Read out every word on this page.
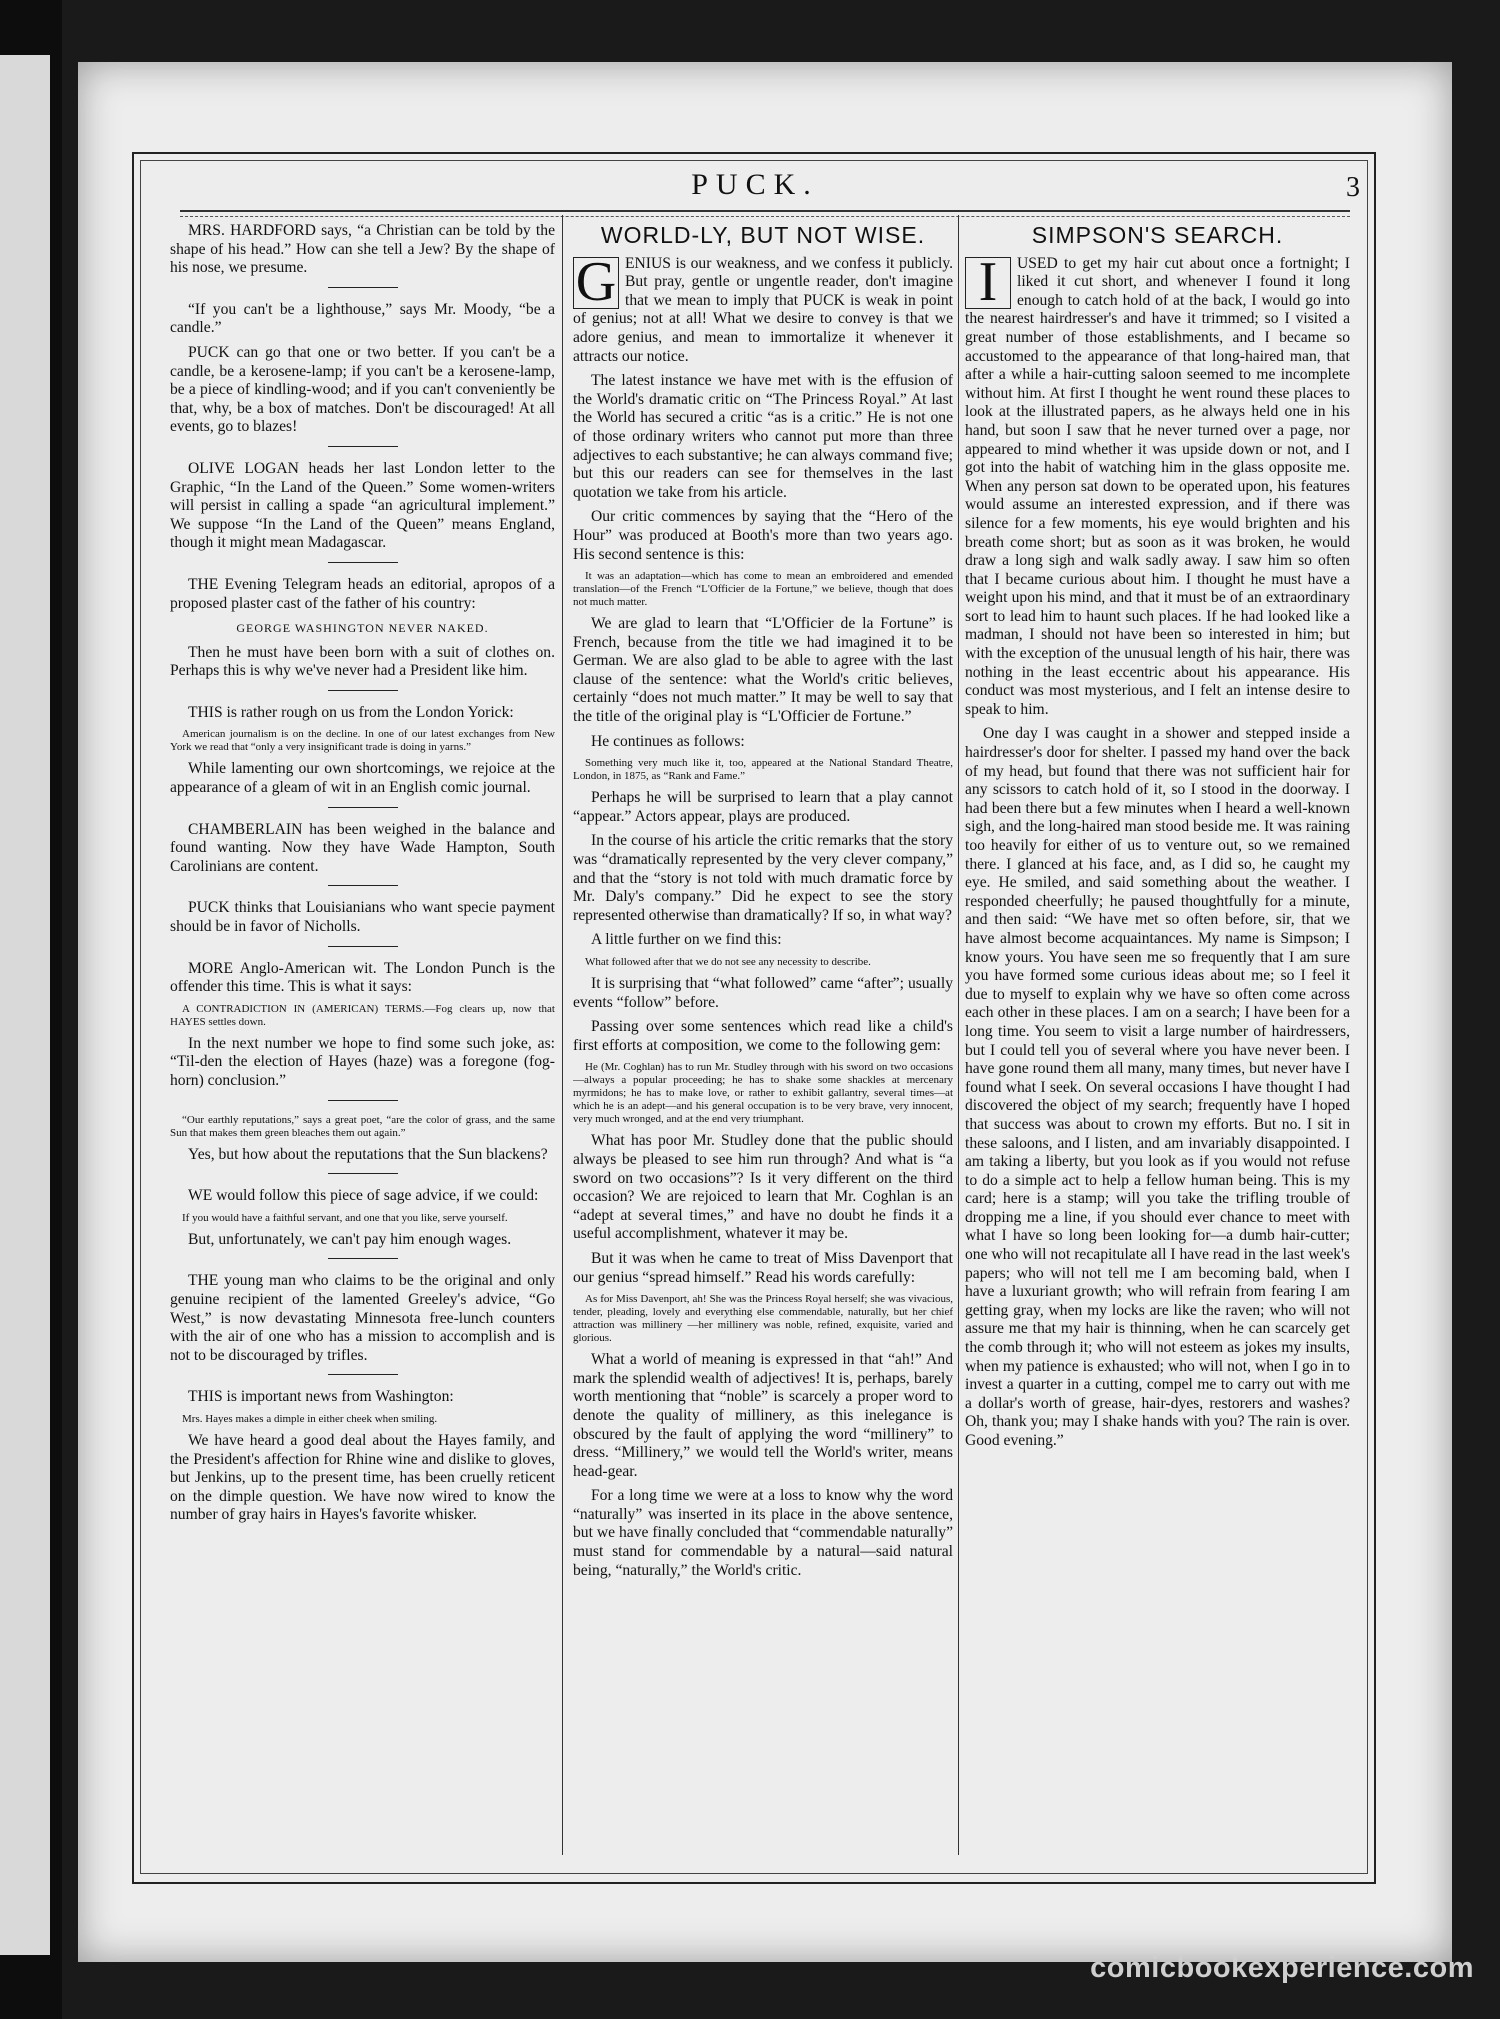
PUCK.	3

MRS. HARDFORD says, “a Christian can be told by the shape of his head.” How can she tell a Jew? By the shape of his nose, we presume.

“If you can't be a lighthouse,” says Mr. Moody, “be a candle.”

PUCK can go that one or two better. If you can't be a candle, be a kerosene-lamp; if you can't be a kerosene-lamp, be a piece of kindling-wood; and if you can't conveniently be that, why, be a box of matches. Don't be discouraged! At all events, go to blazes!

OLIVE LOGAN heads her last London letter to the Graphic, “In the Land of the Queen.” Some women-writers will persist in calling a spade “an agricultural implement.” We suppose “In the Land of the Queen” means England, though it might mean Madagascar.

THE Evening Telegram heads an editorial, apropos of a proposed plaster cast of the father of his country:

GEORGE WASHINGTON NEVER NAKED.

Then he must have been born with a suit of clothes on. Perhaps this is why we've never had a President like him.

THIS is rather rough on us from the London Yorick:

American journalism is on the decline. In one of our latest exchanges from New York we read that “only a very insignificant trade is doing in yarns.”

While lamenting our own shortcomings, we rejoice at the appearance of a gleam of wit in an English comic journal.

CHAMBERLAIN has been weighed in the balance and found wanting. Now they have Wade Hampton, South Carolinians are content.

PUCK thinks that Louisianians who want specie payment should be in favor of Nicholls.

MORE Anglo-American wit. The London Punch is the offender this time. This is what it says:

A CONTRADICTION IN (AMERICAN) TERMS.—Fog clears up, now that HAYES settles down.

In the next number we hope to find some such joke, as: “Til-den the election of Hayes (haze) was a foregone (fog-horn) conclusion.”

“Our earthly reputations,” says a great poet, “are the color of grass, and the same Sun that makes them green bleaches them out again.”

Yes, but how about the reputations that the Sun blackens?

WE would follow this piece of sage advice, if we could:

If you would have a faithful servant, and one that you like, serve yourself.

But, unfortunately, we can't pay him enough wages.

THE young man who claims to be the original and only genuine recipient of the lamented Greeley's advice, “Go West,” is now devastating Minnesota free-lunch counters with the air of one who has a mission to accomplish and is not to be discouraged by trifles.

THIS is important news from Washington:

Mrs. Hayes makes a dimple in either cheek when smiling.

We have heard a good deal about the Hayes family, and the President's affection for Rhine wine and dislike to gloves, but Jenkins, up to the present time, has been cruelly reticent on the dimple question. We have now wired to know the number of gray hairs in Hayes's favorite whisker.

WORLD-LY, BUT NOT WISE.

G ENIUS is our weakness, and we confess it publicly. But pray, gentle or ungentle reader, don't imagine that we mean to imply that PUCK is weak in point of genius; not at all! What we desire to convey is that we adore genius, and mean to immortalize it whenever it attracts our notice.

The latest instance we have met with is the effusion of the World's dramatic critic on “The Princess Royal.” At last the World has secured a critic “as is a critic.” He is not one of those ordinary writers who cannot put more than three adjectives to each substantive; he can always command five; but this our readers can see for themselves in the last quotation we take from his article.

Our critic commences by saying that the “Hero of the Hour” was produced at Booth's more than two years ago. His second sentence is this:

It was an adaptation—which has come to mean an embroidered and emended translation—of the French “L'Officier de la Fortune,” we believe, though that does not much matter.

We are glad to learn that “L'Officier de la Fortune” is French, because from the title we had imagined it to be German. We are also glad to be able to agree with the last clause of the sentence: what the World's critic believes, certainly “does not much matter.” It may be well to say that the title of the original play is “L'Officier de Fortune.”

He continues as follows:

Something very much like it, too, appeared at the National Standard Theatre, London, in 1875, as “Rank and Fame.”

Perhaps he will be surprised to learn that a play cannot “appear.” Actors appear, plays are produced.

In the course of his article the critic remarks that the story was “dramatically represented by the very clever company,” and that the “story is not told with much dramatic force by Mr. Daly's company.” Did he expect to see the story represented otherwise than dramatically? If so, in what way?

A little further on we find this:

What followed after that we do not see any necessity to describe.

It is surprising that “what followed” came “after”; usually events “follow” before.

Passing over some sentences which read like a child's first efforts at composition, we come to the following gem:

He (Mr. Coghlan) has to run Mr. Studley through with his sword on two occasions—always a popular proceeding; he has to shake some shackles at mercenary myrmidons; he has to make love, or rather to exhibit gallantry, several times—at which he is an adept—and his general occupation is to be very brave, very innocent, very much wronged, and at the end very triumphant.

What has poor Mr. Studley done that the public should always be pleased to see him run through? And what is “a sword on two occasions”? Is it very different on the third occasion? We are rejoiced to learn that Mr. Coghlan is an “adept at several times,” and have no doubt he finds it a useful accomplishment, whatever it may be.

But it was when he came to treat of Miss Davenport that our genius “spread himself.” Read his words carefully:

As for Miss Davenport, ah! She was the Princess Royal herself; she was vivacious, tender, pleading, lovely and everything else commendable, naturally, but her chief attraction was millinery —her millinery was noble, refined, exquisite, varied and glorious.

What a world of meaning is expressed in that “ah!” And mark the splendid wealth of adjectives! It is, perhaps, barely worth mentioning that “noble” is scarcely a proper word to denote the quality of millinery, as this inelegance is obscured by the fault of applying the word “millinery” to dress. “Millinery,” we would tell the World's writer, means head-gear.

For a long time we were at a loss to know why the word “naturally” was inserted in its place in the above sentence, but we have finally concluded that “commendable naturally” must stand for commendable by a natural—said natural being, “naturally,” the World's critic.

SIMPSON'S SEARCH.

I	USED to get my hair cut about once a fortnight; I liked it cut short, and whenever I found it long enough to catch hold of at the back, I would go into the nearest hairdresser's and have it trimmed; so I visited a great number of those establishments, and I became so accustomed to the appearance of that long-haired man, that after a while a hair-cutting saloon seemed to me incomplete without him. At first I thought he went round these places to look at the illustrated papers, as he always held one in his hand, but soon I saw that he never turned over a page, nor appeared to mind whether it was upside down or not, and I got into the habit of watching him in the glass opposite me. When any person sat down to be operated upon, his features would assume an interested expression, and if there was silence for a few moments, his eye would brighten and his breath come short; but as soon as it was broken, he would draw a long sigh and walk sadly away. I saw him so often that I became curious about him. I thought he must have a weight upon his mind, and that it must be of an extraordinary sort to lead him to haunt such places. If he had looked like a madman, I should not have been so interested in him; but with the exception of the unusual length of his hair, there was nothing in the least eccentric about his appearance. His conduct was most mysterious, and I felt an intense desire to speak to him.

One day I was caught in a shower and stepped inside a hairdresser's door for shelter. I passed my hand over the back of my head, but found that there was not sufficient hair for any scissors to catch hold of it, so I stood in the doorway. I had been there but a few minutes when I heard a well-known sigh, and the long-haired man stood beside me. It was raining too heavily for either of us to venture out, so we remained there. I glanced at his face, and, as I did so, he caught my eye. He smiled, and said something about the weather. I responded cheerfully; he paused thoughtfully for a minute, and then said: “We have met so often before, sir, that we have almost become acquaintances. My name is Simpson; I know yours. You have seen me so frequently that I am sure you have formed some curious ideas about me; so I feel it due to myself to explain why we have so often come across each other in these places. I am on a search; I have been for a long time. You seem to visit a large number of hairdressers, but I could tell you of several where you have never been. I have gone round them all many, many times, but never have I found what I seek. On several occasions I have thought I had discovered the object of my search; frequently have I hoped that success was about to crown my efforts. But no. I sit in these saloons, and I listen, and am invariably disappointed. I am taking a liberty, but you look as if you would not refuse to do a simple act to help a fellow human being. This is my card; here is a stamp; will you take the trifling trouble of dropping me a line, if you should ever chance to meet with what I have so long been looking for—a dumb hair-cutter; one who will not recapitulate all I have read in the last week's papers; who will not tell me I am becoming bald, when I have a luxuriant growth; who will refrain from fearing I am getting gray, when my locks are like the raven; who will not assure me that my hair is thinning, when he can scarcely get the comb through it; who will not esteem as jokes my insults, when my patience is exhausted; who will not, when I go in to invest a quarter in a cutting, compel me to carry out with me a dollar's worth of grease, hair-dyes, restorers and washes? Oh, thank you; may I shake hands with you? The rain is over. Good evening.”

comicbookexperience.com
